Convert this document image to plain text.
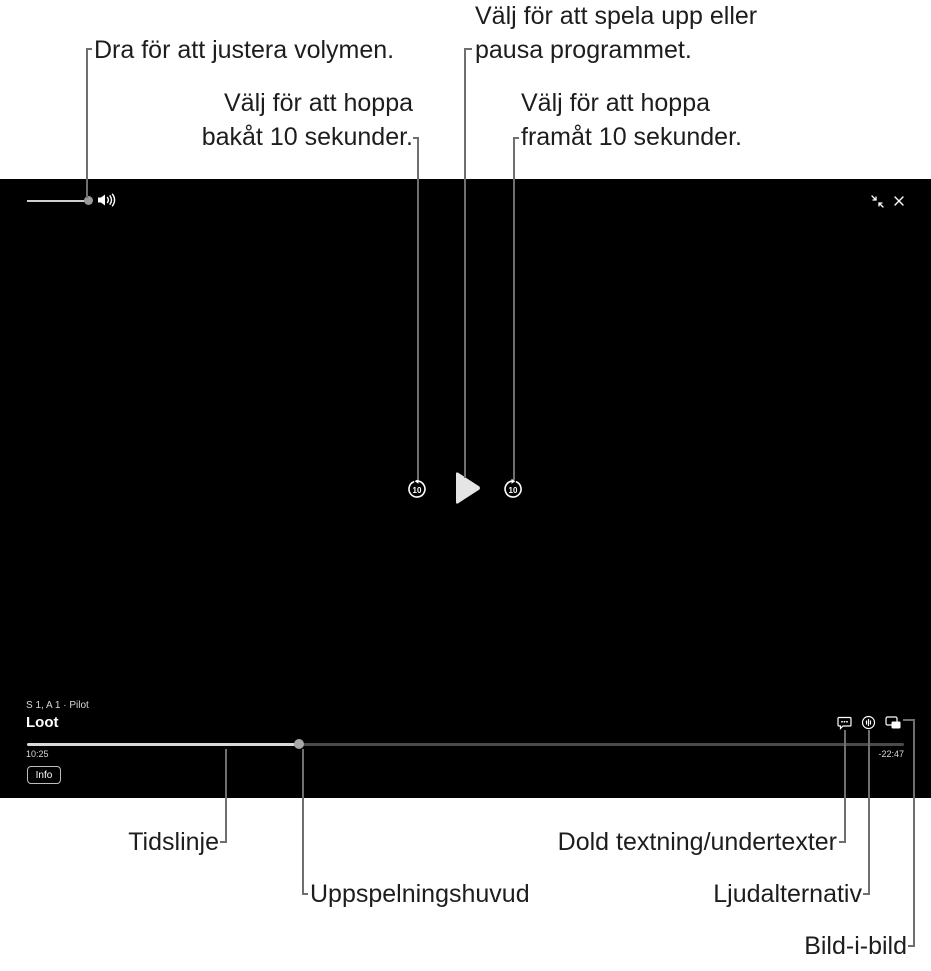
Dra för att justera volymen.
Välj för att spela upp eller
pausa programmet.
Välj för att hoppa
bakåt 10 sekunder.
Välj för att hoppa
framåt 10 sekunder.
Tidslinje
Uppspelningshuvud
Dold textning/undertexter
Ljudalternativ
Bild-i-bild
10	10
S 1, A 1 · Pilot
Loot
10:25	-22:47
Info
